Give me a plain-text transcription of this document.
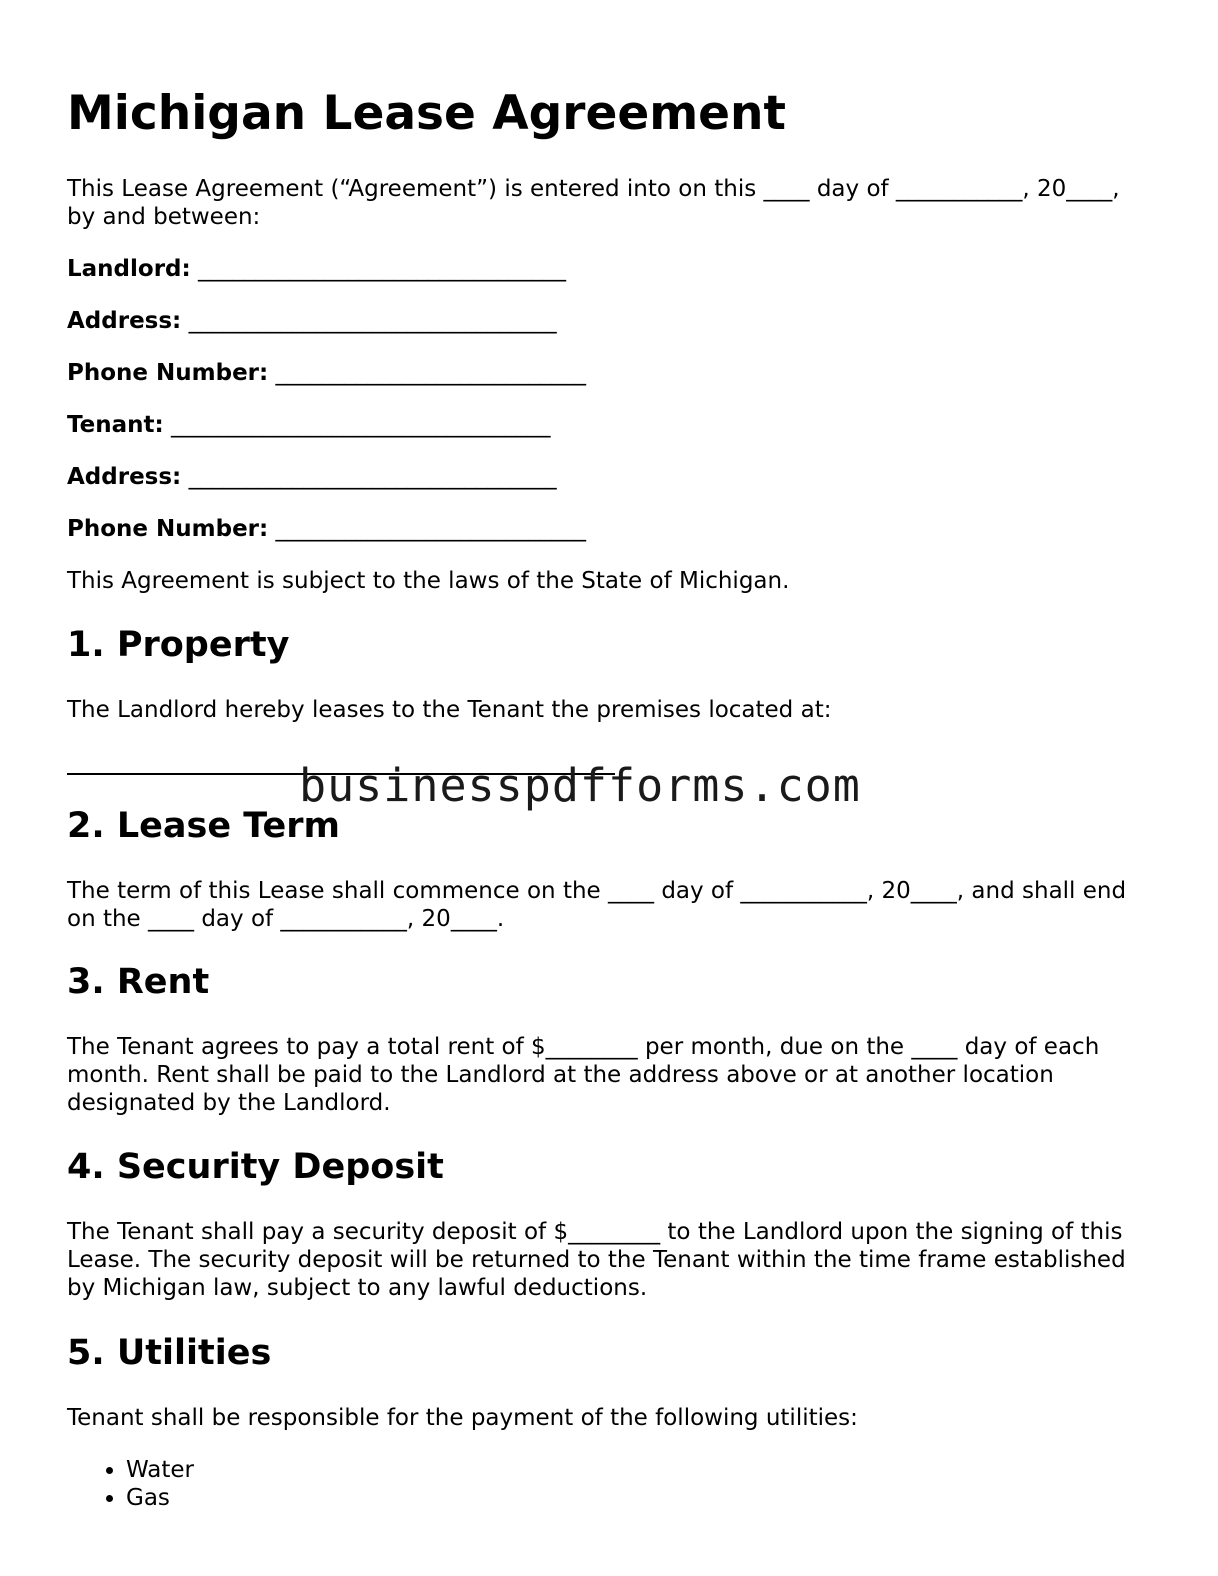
Michigan Lease Agreement

This Lease Agreement (“Agreement”) is entered into on this ____ day of ___________, 20____, by and between:

Landlord: ________________________________
Address: ________________________________
Phone Number: ___________________________
Tenant: _________________________________
Address: ________________________________
Phone Number: ___________________________

This Agreement is subject to the laws of the State of Michigan.

1. Property

The Landlord hereby leases to the Tenant the premises located at:

businesspdfforms.com
2. Lease Term

The term of this Lease shall commence on the ____ day of ___________, 20____, and shall end on the ____ day of ___________, 20____.

3. Rent

The Tenant agrees to pay a total rent of $________ per month, due on the ____ day of each month. Rent shall be paid to the Landlord at the address above or at another location designated by the Landlord.

4. Security Deposit

The Tenant shall pay a security deposit of $________ to the Landlord upon the signing of this Lease. The security deposit will be returned to the Tenant within the time frame established by Michigan law, subject to any lawful deductions.

5. Utilities

Tenant shall be responsible for the payment of the following utilities:

• Water
• Gas
